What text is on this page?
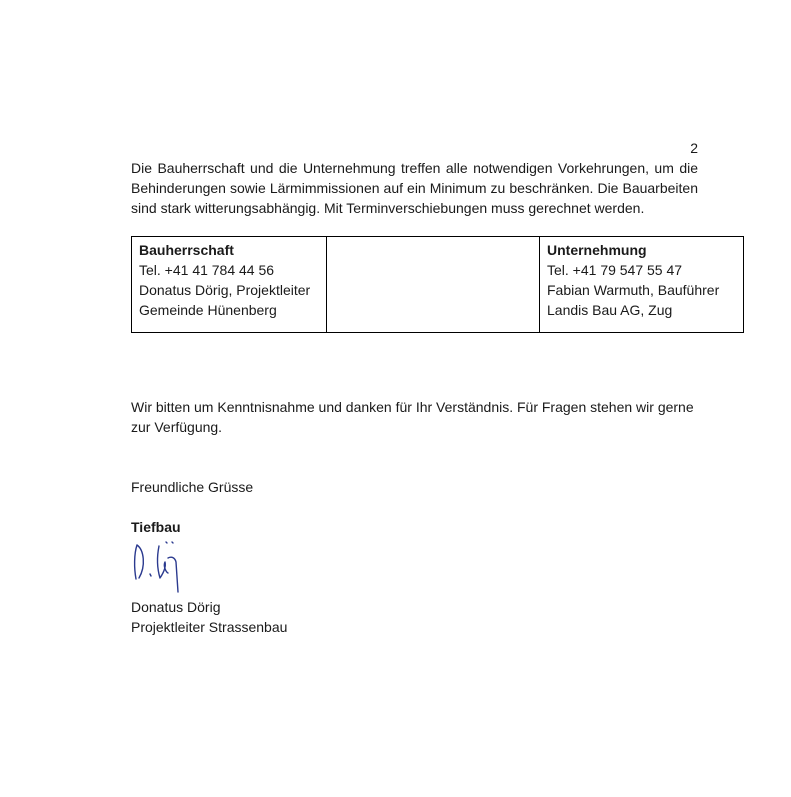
2

Die Bauherrschaft und die Unternehmung treffen alle notwendigen Vorkehrungen, um die Behinderungen sowie Lärmimmissionen auf ein Minimum zu beschränken. Die Bauarbeiten sind stark witterungsabhängig. Mit Terminverschiebungen muss gerechnet werden.

Bauherrschaft
Tel. +41 41 784 44 56
Donatus Dörig, Projektleiter
Gemeinde Hünenberg

Unternehmung
Tel. +41 79 547 55 47
Fabian Warmuth, Bauführer
Landis Bau AG, Zug

Wir bitten um Kenntnisnahme und danken für Ihr Verständnis. Für Fragen stehen wir gerne zur Verfügung.

Freundliche Grüsse

Tiefbau

Donatus Dörig

Projektleiter Strassenbau
